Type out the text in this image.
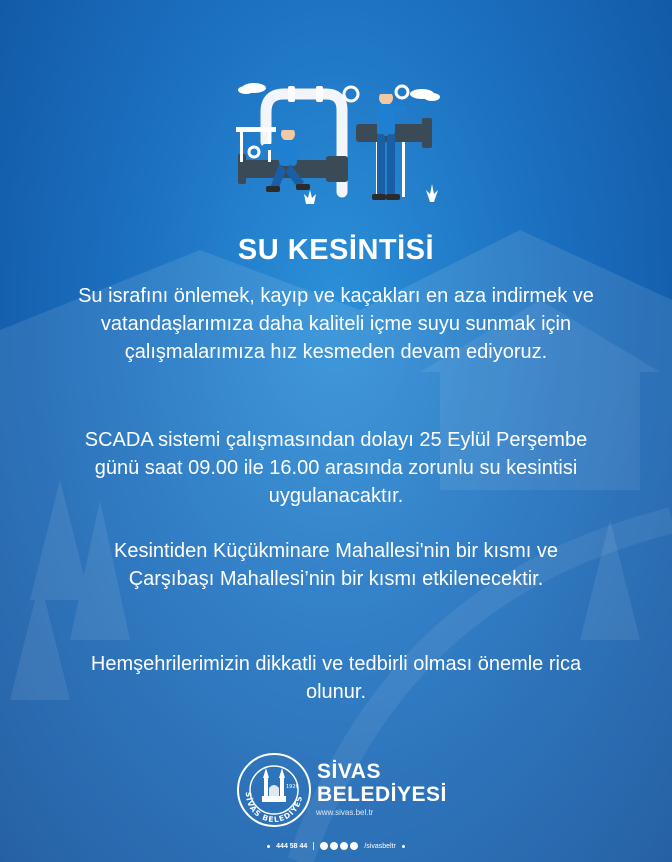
SU KESİNTİSİ

Su israfını önlemek, kayıp ve kaçakları en aza indirmek ve vatandaşlarımıza daha kaliteli içme suyu sunmak için çalışmalarımıza hız kesmeden devam ediyoruz.

SCADA sistemi çalışmasından dolayı 25 Eylül Perşembe günü saat 09.00 ile 16.00 arasında zorunlu su kesintisi uygulanacaktır.

Kesintiden Küçükminare Mahallesi'nin bir kısmı ve Çarşıbaşı Mahallesi’nin bir kısmı etkilenecektir.

Hemşehrilerimizin dikkatli ve tedbirli olması önemle rica olunur.

SİVAS BELEDİYES
1926
SİVAS
BELEDİYESİ
www.sivas.bel.tr
444 58 44	/sivasbeltr
